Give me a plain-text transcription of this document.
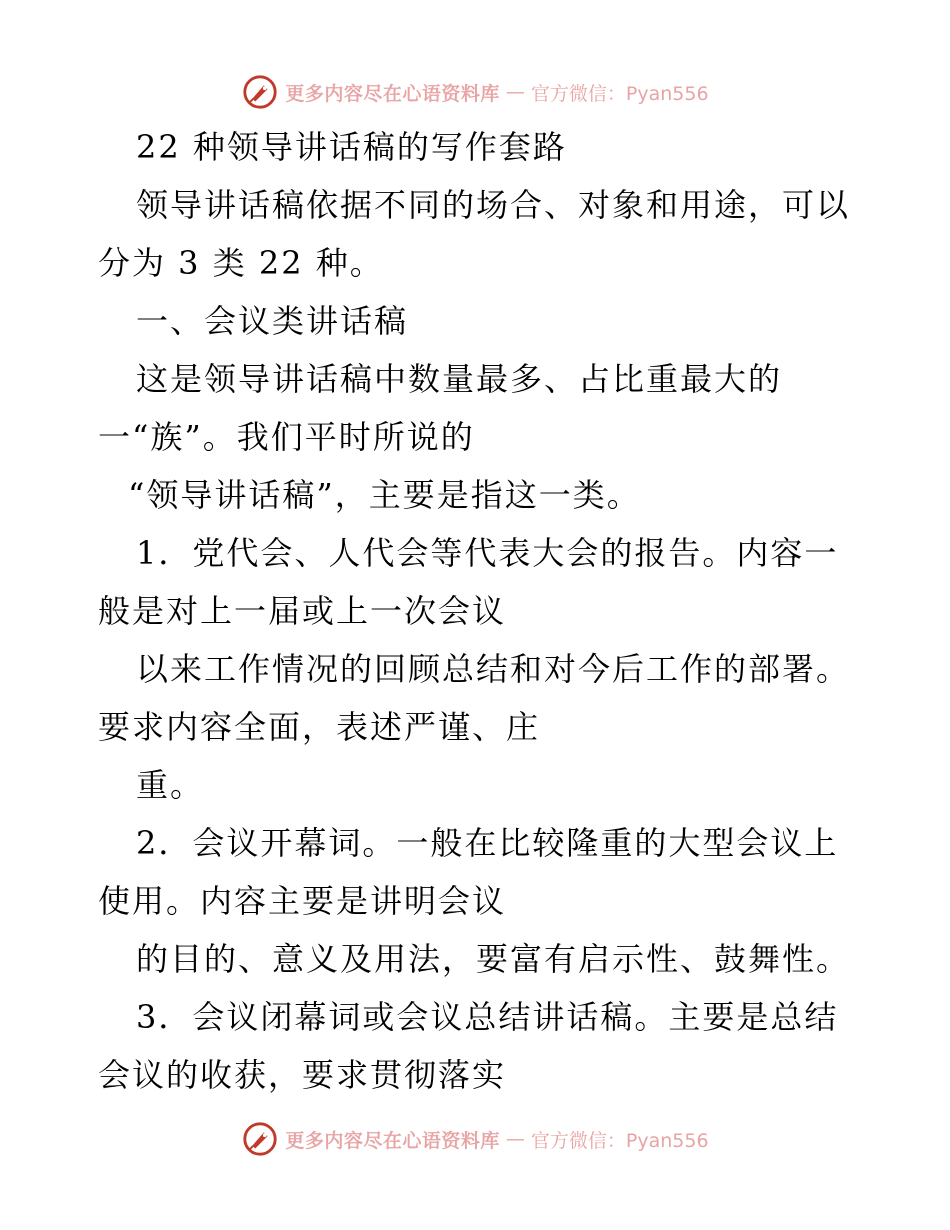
更多内容尽在心语资料库 — 官方微信：Pyan556
22 种领导讲话稿的写作套路
领导讲话稿依据不同的场合、对象和用途，可以
分为 3 类 22 种。
一、会议类讲话稿
这是领导讲话稿中数量最多、占比重最大的
一“族”。我们平时所说的
“领导讲话稿”，主要是指这一类。
1．党代会、人代会等代表大会的报告。内容一
般是对上一届或上一次会议
以来工作情况的回顾总结和对今后工作的部署。
要求内容全面，表述严谨、庄
重。
2．会议开幕词。一般在比较隆重的大型会议上
使用。内容主要是讲明会议
的目的、意义及用法，要富有启示性、鼓舞性。
3．会议闭幕词或会议总结讲话稿。主要是总结
会议的收获，要求贯彻落实
更多内容尽在心语资料库 — 官方微信：Pyan556
